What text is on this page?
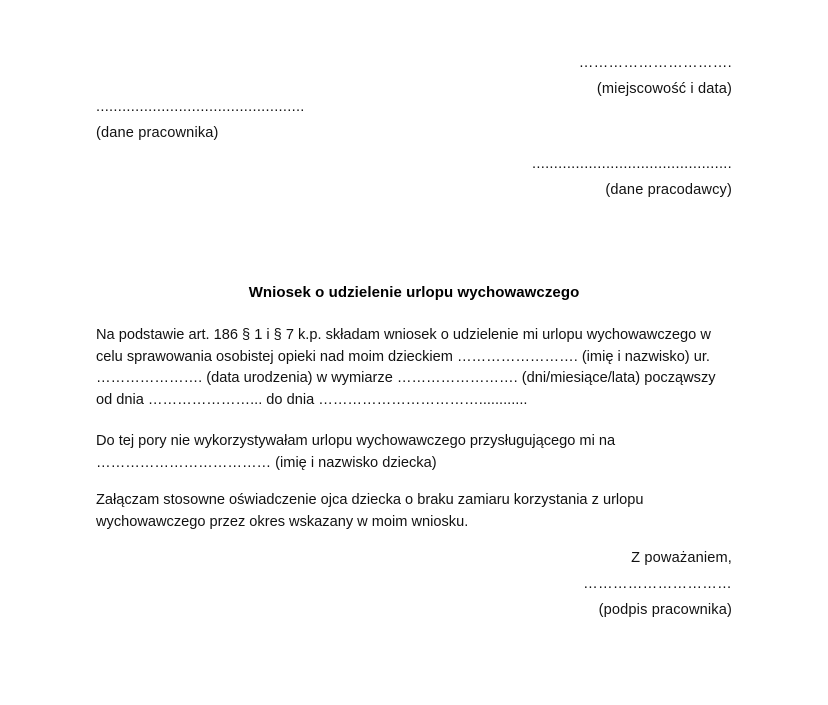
………………………….
(miejscowość i data)
................................................
(dane pracownika)
..............................................
(dane pracodawcy)
Wniosek o udzielenie urlopu wychowawczego

Na podstawie art. 186 § 1 i § 7 k.p. składam wniosek o udzielenie mi urlopu wychowawczego w

celu sprawowania osobistej opieki nad moim dzieckiem ……………………. (imię i nazwisko) ur.

…………………. (data urodzenia) w wymiarze ……………………. (dni/miesiące/lata) począwszy

od dnia …………………... do dnia ……………………………............

Do tej pory nie wykorzystywałam urlopu wychowawczego przysługującego mi na

……………………………… (imię i nazwisko dziecka)

Załączam stosowne oświadczenie ojca dziecka o braku zamiaru korzystania z urlopu

wychowawczego przez okres wskazany w moim wniosku.

Z poważaniem,
…………………………
(podpis pracownika)
